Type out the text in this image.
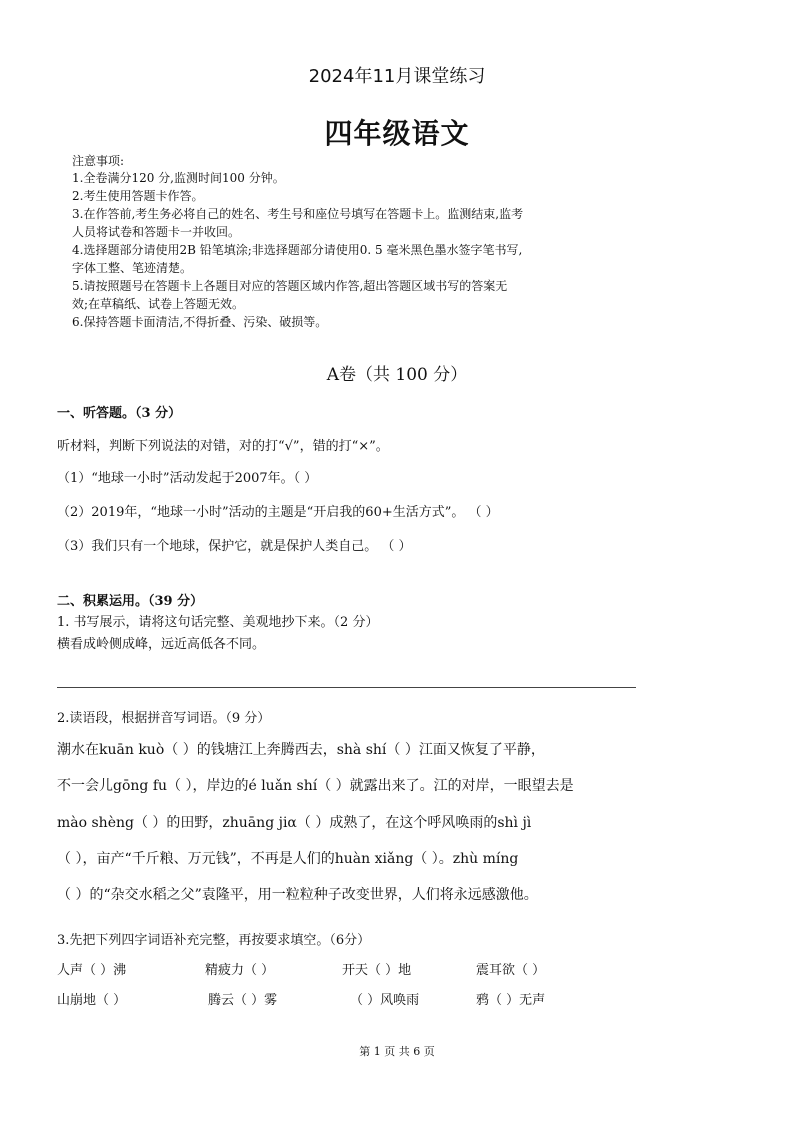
2024年11月课堂练习
四年级语文
注意事项:
1.全卷满分120 分,监测时间100 分钟。
2.考生使用答题卡作答。
3.在作答前,考生务必将自己的姓名、考生号和座位号填写在答题卡上。监测结束,监考
人员将试卷和答题卡一并收回。
4.选择题部分请使用2B 铅笔填涂;非选择题部分请使用0. 5 毫米黑色墨水签字笔书写,
字体工整、笔迹清楚。
5.请按照题号在答题卡上各题目对应的答题区域内作答,超出答题区域书写的答案无
效;在草稿纸、试卷上答题无效。
6.保持答题卡面清洁,不得折叠、污染、破损等。
A卷（共 100 分）
一、听答题。（3 分）
听材料，判断下列说法的对错，对的打“√”，错的打“×”。
（1）“地球一小时”活动发起于2007年。（ ）
（2）2019年，“地球一小时”活动的主题是“开启我的60+生活方式”。 （ ）
（3）我们只有一个地球，保护它，就是保护人类自己。 （ ）
二、积累运用。（39 分）
1. 书写展示，请将这句话完整、美观地抄下来。（2 分）
横看成岭侧成峰，远近高低各不同。
2.读语段，根据拼音写词语。（9 分）
潮水在kuān kuò（ ）的钱塘江上奔腾西去，shà shí（ ）江面又恢复了平静，
不一会儿gōng fu（ ），岸边的é luǎn shí（ ）就露出来了。江的对岸，一眼望去是
mào shèng（ ）的田野，zhuāng jiα（ ）成熟了，在这个呼风唤雨的shì jì
（ ），亩产“千斤粮、万元钱”，不再是人们的huàn xiǎng（ ）。zhù míng
（ ）的“杂交水稻之父”袁隆平，用一粒粒种子改变世界，人们将永远感激他。
3.先把下列四字词语补充完整，再按要求填空。（6分）
人声（ ）沸	精疲力（ ）	开天（ ）地	震耳欲（ ）
山崩地（ ）	腾云（ ）雾	（ ）风唤雨	鸦（ ）无声
第 1 页 共 6 页
